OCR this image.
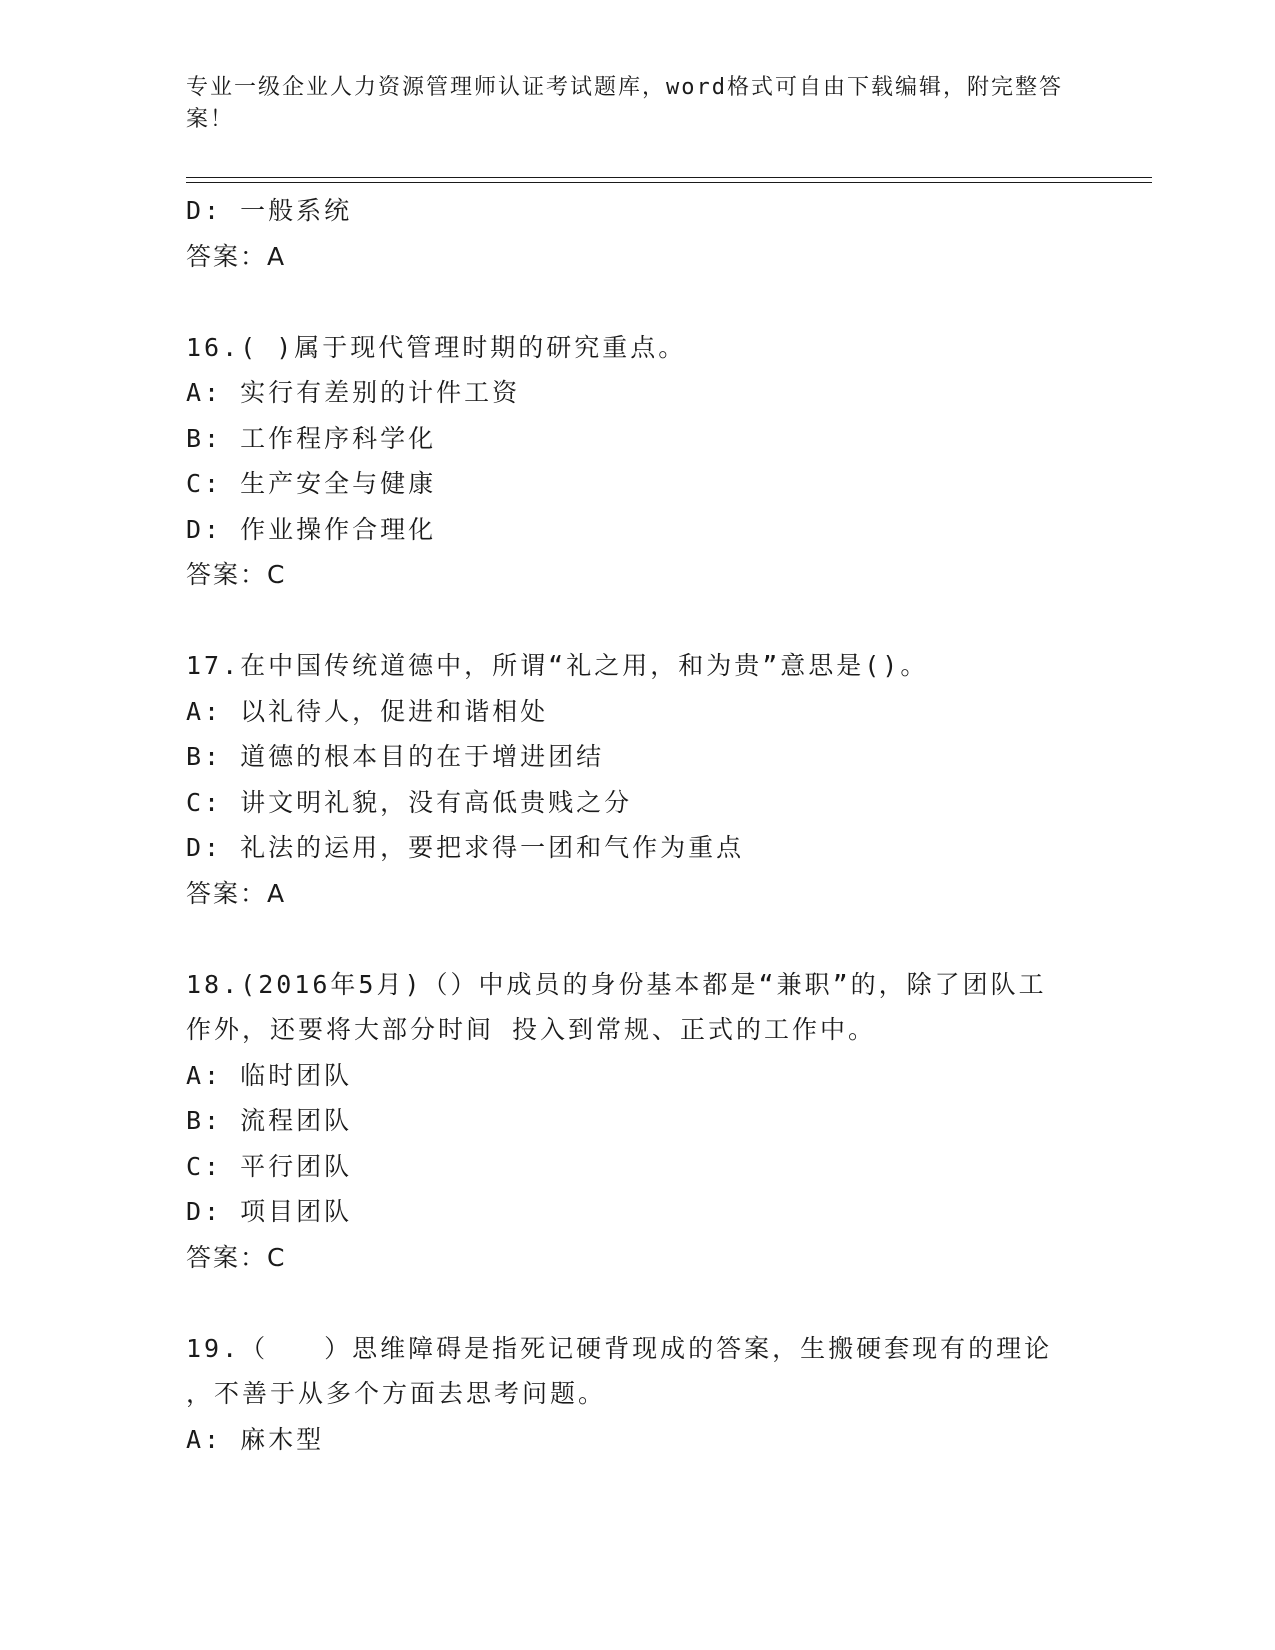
专业一级企业人力资源管理师认证考试题库，word格式可自由下载编辑，附完整答案！
D: 一般系统
答案：A
16.( )属于现代管理时期的研究重点。
A: 实行有差别的计件工资
B: 工作程序科学化
C: 生产安全与健康
D: 作业操作合理化
答案：C
17.在中国传统道德中，所谓“礼之用，和为贵”意思是()。
A: 以礼待人，促进和谐相处
B: 道德的根本目的在于增进团结
C: 讲文明礼貌，没有高低贵贱之分
D: 礼法的运用，要把求得一团和气作为重点
答案：A
18.(2016年5月)（）中成员的身份基本都是“兼职”的，除了团队工
作外，还要将大部分时间 投入到常规、正式的工作中。
A: 临时团队
B: 流程团队
C: 平行团队
D: 项目团队
答案：C
19.（　　）思维障碍是指死记硬背现成的答案，生搬硬套现有的理论
，不善于从多个方面去思考问题。
A: 麻木型
